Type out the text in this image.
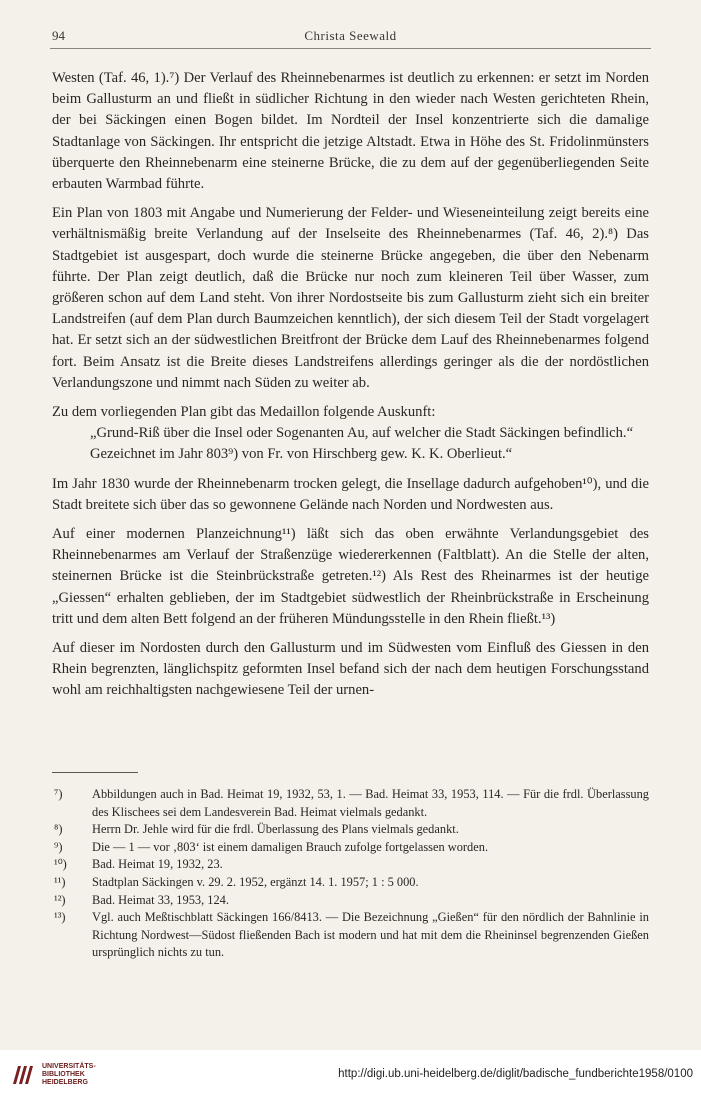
94	Christa Seewald

Westen (Taf. 46, 1).⁷) Der Verlauf des Rheinnebenarmes ist deutlich zu erkennen: er setzt im Norden beim Gallusturm an und fließt in südlicher Richtung in den wieder nach Westen gerichteten Rhein, der bei Säckingen einen Bogen bildet. Im Nordteil der Insel konzentrierte sich die damalige Stadtanlage von Säckingen. Ihr entspricht die jetzige Altstadt. Etwa in Höhe des St. Fridolinmünsters überquerte den Rheinnebenarm eine steinerne Brücke, die zu dem auf der gegenüberliegenden Seite erbauten Warmbad führte.

Ein Plan von 1803 mit Angabe und Numerierung der Felder- und Wieseneinteilung zeigt bereits eine verhältnismäßig breite Verlandung auf der Inselseite des Rheinnebenarmes (Taf. 46, 2).⁸) Das Stadtgebiet ist ausgespart, doch wurde die steinerne Brücke angegeben, die über den Nebenarm führte. Der Plan zeigt deutlich, daß die Brücke nur noch zum kleineren Teil über Wasser, zum größeren schon auf dem Land steht. Von ihrer Nordostseite bis zum Gallusturm zieht sich ein breiter Landstreifen (auf dem Plan durch Baumzeichen kenntlich), der sich diesem Teil der Stadt vorgelagert hat. Er setzt sich an der südwestlichen Breitfront der Brücke dem Lauf des Rheinnebenarmes folgend fort. Beim Ansatz ist die Breite dieses Landstreifens allerdings geringer als die der nordöstlichen Verlandungszone und nimmt nach Süden zu weiter ab.

Zu dem vorliegenden Plan gibt das Medaillon folgende Auskunft:

„Grund-Riß über die Insel oder Sogenanten Au, auf welcher die Stadt Säckingen befindlich.“

Gezeichnet im Jahr 803⁹) von Fr. von Hirschberg gew. K. K. Oberlieut.“

Im Jahr 1830 wurde der Rheinnebenarm trocken gelegt, die Insellage dadurch aufgehoben¹⁰), und die Stadt breitete sich über das so gewonnene Gelände nach Norden und Nordwesten aus.

Auf einer modernen Planzeichnung¹¹) läßt sich das oben erwähnte Verlandungsgebiet des Rheinnebenarmes am Verlauf der Straßenzüge wiedererkennen (Faltblatt). An die Stelle der alten, steinernen Brücke ist die Steinbrückstraße getreten.¹²) Als Rest des Rheinarmes ist der heutige „Giessen“ erhalten geblieben, der im Stadtgebiet südwestlich der Rheinbrückstraße in Erscheinung tritt und dem alten Bett folgend an der früheren Mündungsstelle in den Rhein fließt.¹³)

Auf dieser im Nordosten durch den Gallusturm und im Südwesten vom Einfluß des Giessen in den Rhein begrenzten, länglichspitz geformten Insel befand sich der nach dem heutigen Forschungsstand wohl am reichhaltigsten nachgewiesene Teil der urnen-

⁷)	Abbildungen auch in Bad. Heimat 19, 1932, 53, 1. — Bad. Heimat 33, 1953, 114. — Für die frdl. Überlassung des Klischees sei dem Landesverein Bad. Heimat vielmals gedankt.
⁸)	Herrn Dr. Jehle wird für die frdl. Überlassung des Plans vielmals gedankt.
⁹)	Die — 1 — vor ‚803‘ ist einem damaligen Brauch zufolge fortgelassen worden.
¹⁰)	Bad. Heimat 19, 1932, 23.
¹¹)	Stadtplan Säckingen v. 29. 2. 1952, ergänzt 14. 1. 1957; 1 : 5 000.
¹²)	Bad. Heimat 33, 1953, 124.
¹³)	Vgl. auch Meßtischblatt Säckingen 166/8413. — Die Bezeichnung „Gießen“ für den nördlich der Bahnlinie in Richtung Nordwest—Südost fließenden Bach ist modern und hat mit dem die Rheininsel begrenzenden Gießen ursprünglich nichts zu tun.
UNIVERSITÄTS-
BIBLIOTHEK
HEIDELBERG
http://digi.ub.uni-heidelberg.de/diglit/badische_fundberichte1958/0100
